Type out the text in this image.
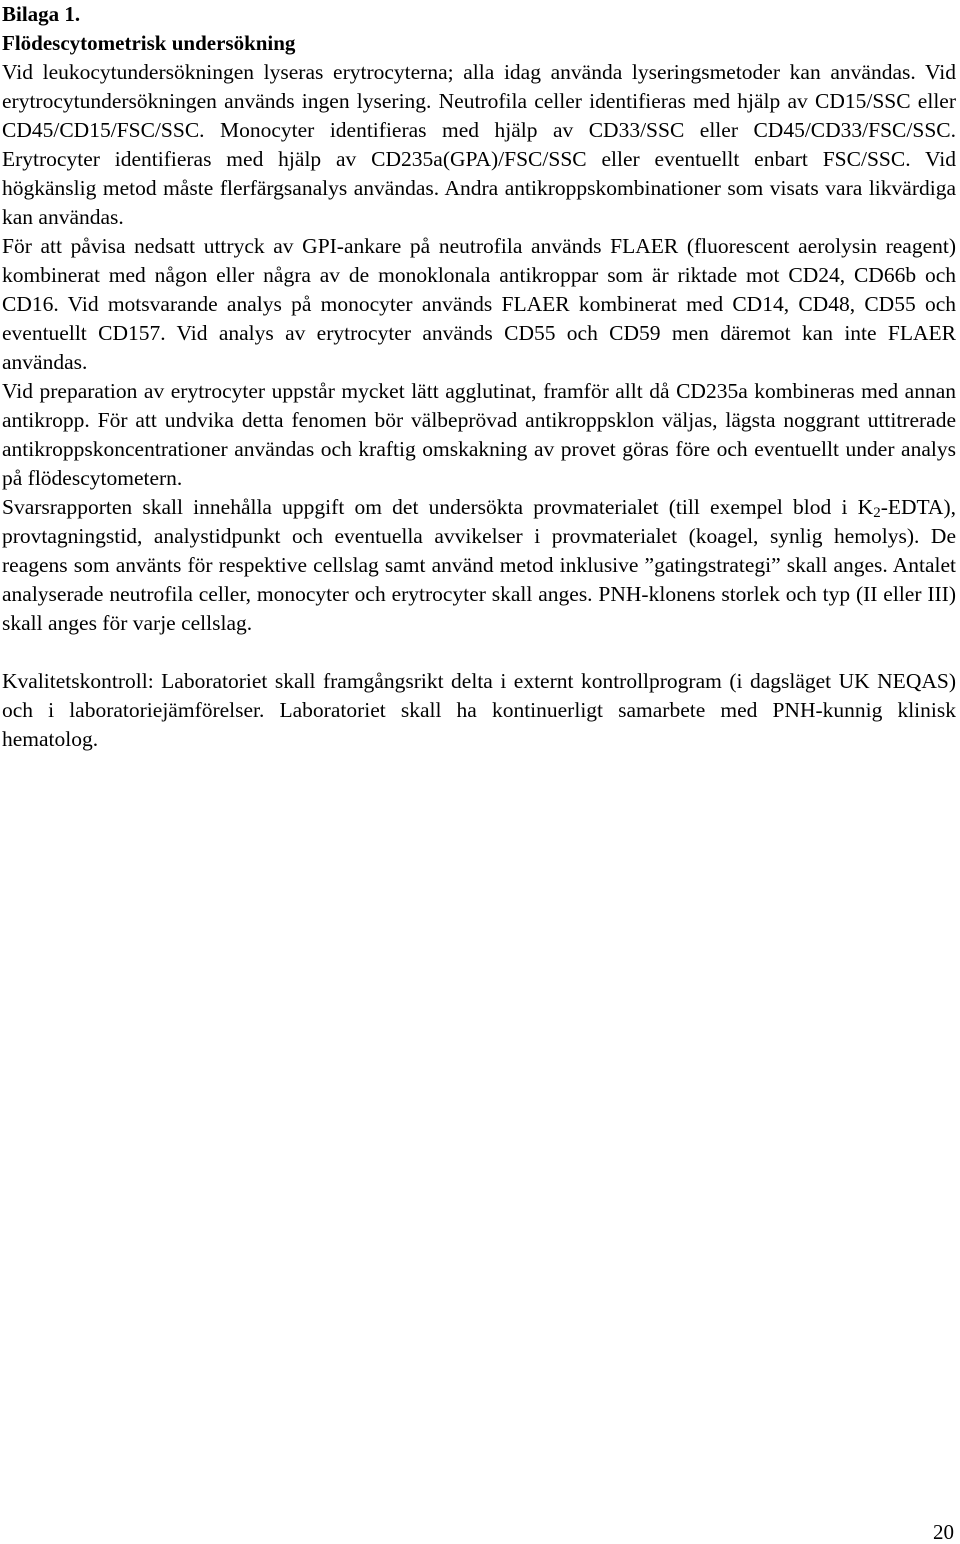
Bilaga 1.

Flödescytometrisk undersökning

Vid leukocytundersökningen lyseras erytrocyterna; alla idag använda lyseringsmetoder kan användas. Vid erytrocytundersökningen används ingen lysering. Neutrofila celler identifieras med hjälp av CD15/SSC eller CD45/CD15/FSC/SSC. Monocyter identifieras med hjälp av CD33/SSC eller CD45/CD33/FSC/SSC. Erytrocyter identifieras med hjälp av CD235a(GPA)/FSC/SSC eller eventuellt enbart FSC/SSC. Vid högkänslig metod måste flerfärgsanalys användas. Andra antikroppskombinationer som visats vara likvärdiga kan användas.

För att påvisa nedsatt uttryck av GPI-ankare på neutrofila används FLAER (fluorescent aerolysin reagent) kombinerat med någon eller några av de monoklonala antikroppar som är riktade mot CD24, CD66b och CD16. Vid motsvarande analys på monocyter används FLAER kombinerat med CD14, CD48, CD55 och eventuellt CD157. Vid analys av erytrocyter används CD55 och CD59 men däremot kan inte FLAER användas.

Vid preparation av erytrocyter uppstår mycket lätt agglutinat, framför allt då CD235a kombineras med annan antikropp. För att undvika detta fenomen bör välbeprövad antikroppsklon väljas, lägsta noggrant uttitrerade antikroppskoncentrationer användas och kraftig omskakning av provet göras före och eventuellt under analys på flödescytometern.

Svarsrapporten skall innehålla uppgift om det undersökta provmaterialet (till exempel blod i $K_2-EDTA$), provtagningstid, analystidpunkt och eventuella avvikelser i provmaterialet (koagel, synlig hemolys). De reagens som använts för respektive cellslag samt använd metod inklusive ”gatingstrategi” skall anges. Antalet analyserade neutrofila celler, monocyter och erytrocyter skall anges. PNH-klonens storlek och typ (II eller III) skall anges för varje cellslag.

Kvalitetskontroll: Laboratoriet skall framgångsrikt delta i externt kontrollprogram (i dagsläget UK NEQAS) och i laboratoriejämförelser. Laboratoriet skall ha kontinuerligt samarbete med PNH-kunnig klinisk hematolog.

20
